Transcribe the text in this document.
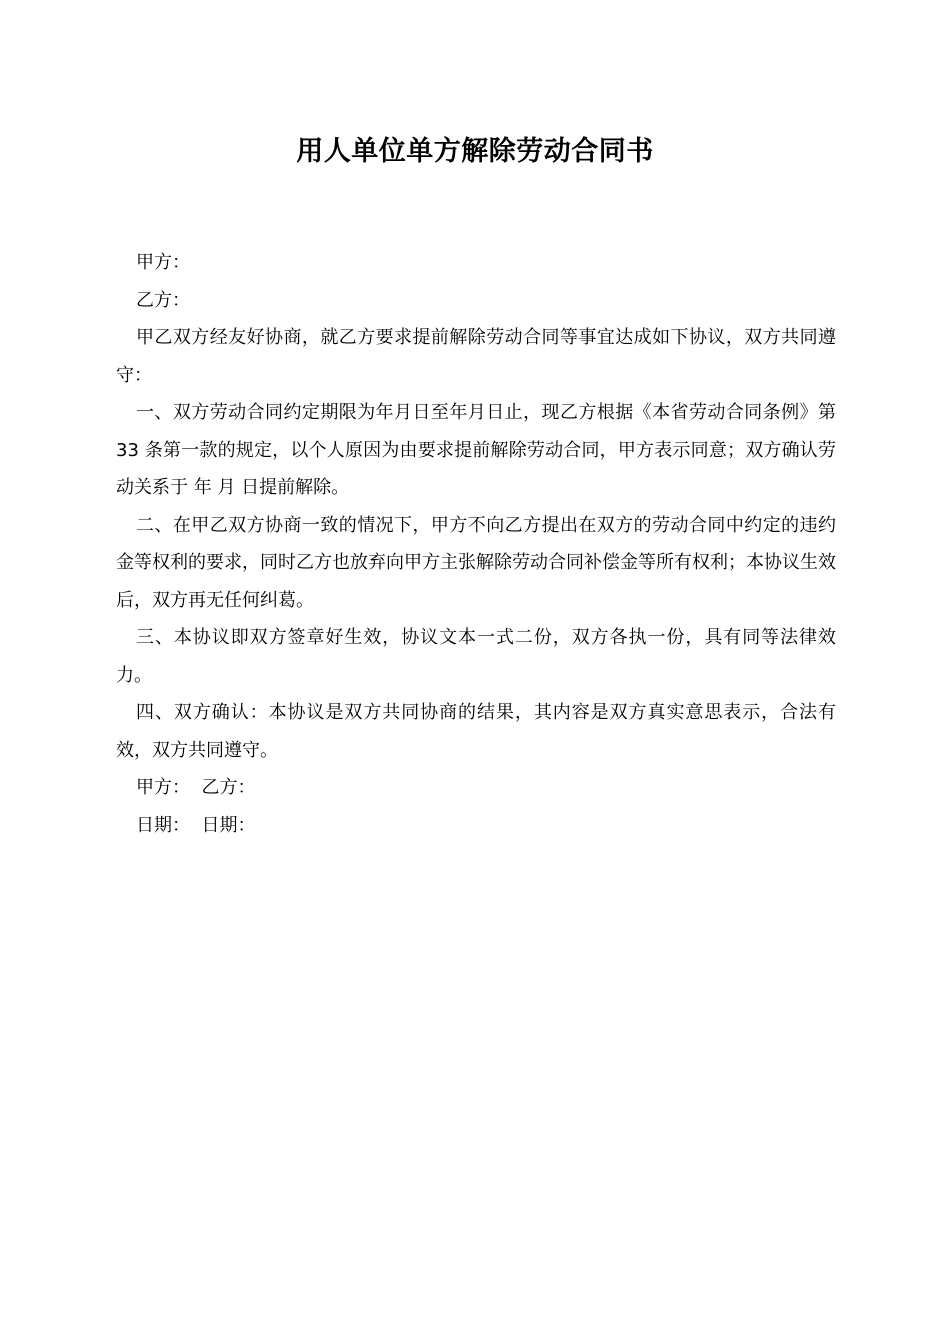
用人单位单方解除劳动合同书

甲方：

乙方：

甲乙双方经友好协商，就乙方要求提前解除劳动合同等事宜达成如下协议，双方共同遵守：

一、双方劳动合同约定期限为年月日至年月日止，现乙方根据《本省劳动合同条例》第 33 条第一款的规定，以个人原因为由要求提前解除劳动合同，甲方表示同意；双方确认劳动关系于 年 月 日提前解除。

二、在甲乙双方协商一致的情况下，甲方不向乙方提出在双方的劳动合同中约定的违约金等权利的要求，同时乙方也放弃向甲方主张解除劳动合同补偿金等所有权利；本协议生效后，双方再无任何纠葛。

三、本协议即双方签章好生效，协议文本一式二份，双方各执一份，具有同等法律效力。

四、双方确认：本协议是双方共同协商的结果，其内容是双方真实意思表示，合法有效，双方共同遵守。

甲方： 乙方：

日期： 日期：
